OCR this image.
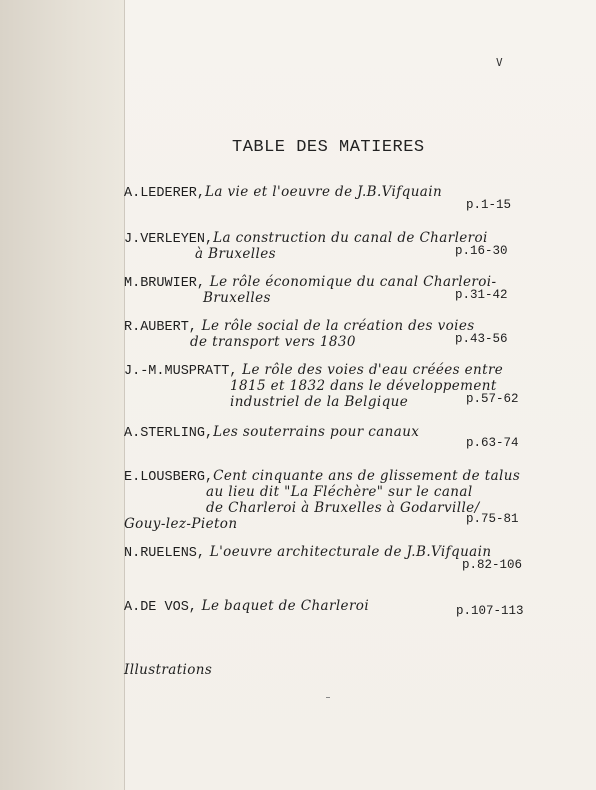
V
TABLE DES MATIERES
A.LEDERER,La vie et l'oeuvre de J.B.Vifquain
p.1-15
J.VERLEYEN,La construction du canal de Charleroi
à Bruxelles	p.16-30
M.BRUWIER, Le rôle économique du canal Charleroi-
Bruxelles	p.31-42
R.AUBERT, Le rôle social de la création des voies
de transport vers 1830	p.43-56
J.-M.MUSPRATT, Le rôle des voies d'eau créées entre
1815 et 1832 dans le développement
industriel de la Belgique	p.57-62
A.STERLING,Les souterrains pour canaux
p.63-74
E.LOUSBERG,Cent cinquante ans de glissement de talus
au lieu dit "La Fléchère" sur le canal
de Charleroi à Bruxelles à Godarville/
Gouy-lez-Pieton	p.75-81
N.RUELENS, L'oeuvre architecturale de J.B.Vifquain
p.82-106
A.DE VOS, Le baquet de Charleroi	p.107-113
Illustrations
